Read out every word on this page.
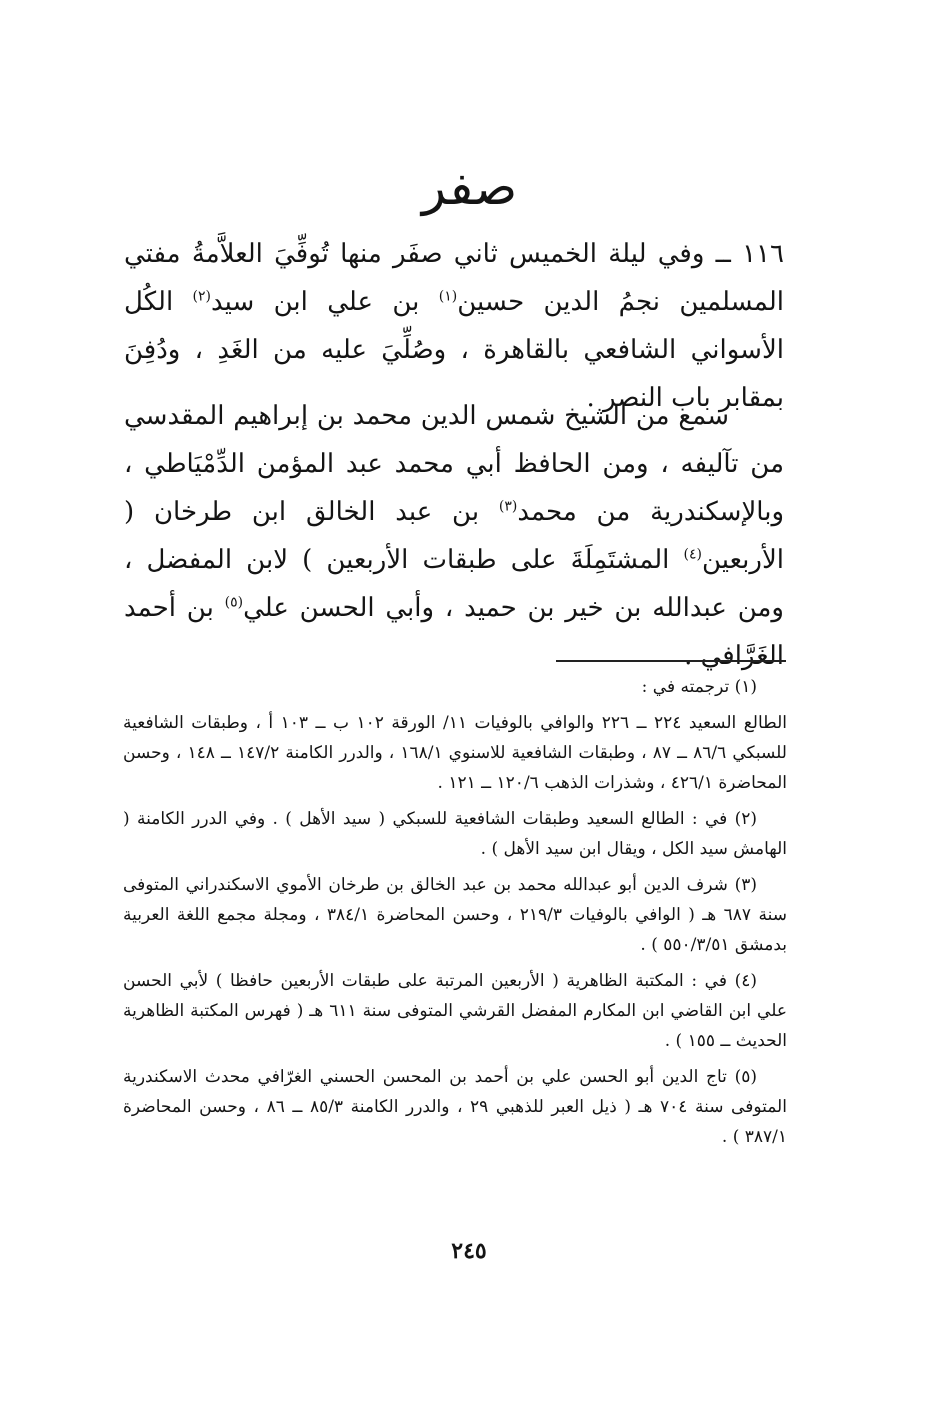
صفر

١١٦ ــ وفي ليلة الخميس ثاني صفَر منها تُوفِّيَ العلاَّمةُ مفتي المسلمين نجمُ الدين حسين$^{(١)}$ بن علي ابن سيد$^{(٢)}$ الكُل الأسواني الشافعي بالقاهرة ، وصُلِّيَ عليه من الغَدِ ، ودُفِنَ بمقابر باب النصر .

سمع من الشيخ شمس الدين محمد بن إبراهيم المقدسي من تآليفه ، ومن الحافظ أبي محمد عبد المؤمن الدِّمْيَاطي ، وبالإسكندرية من محمد$^{(٣)}$ بن عبد الخالق ابن طرخان ( الأربعين$^{(٤)}$ المشتَمِلَةَ على طبقات الأربعين ) لابن المفضل ، ومن عبدالله بن خير بن حميد ، وأبي الحسن علي$^{(٥)}$ بن أحمد الغَرَّافي .

(١) ترجمته في :

الطالع السعيد ٢٢٤ ــ ٢٢٦ والوافي بالوفيات ١١/ الورقة ١٠٢ ب ــ ١٠٣ أ ، وطبقات الشافعية للسبكي ٨٦/٦ ــ ٨٧ ، وطبقات الشافعية للاسنوي ١٦٨/١ ، والدرر الكامنة ١٤٧/٢ ــ ١٤٨ ، وحسن المحاضرة ٤٢٦/١ ، وشذرات الذهب ١٢٠/٦ ــ ١٢١ .

(٢) في : الطالع السعيد وطبقات الشافعية للسبكي ( سيد الأهل ) . وفي الدرر الكامنة ( الهامش سيد الكل ، ويقال ابن سيد الأهل ) .

(٣) شرف الدين أبو عبدالله محمد بن عبد الخالق بن طرخان الأموي الاسكندراني المتوفى سنة ٦٨٧ هـ ( الوافي بالوفيات ٢١٩/٣ ، وحسن المحاضرة ٣٨٤/١ ، ومجلة مجمع اللغة العربية بدمشق ٥٥٠/٣/٥١ ) .

(٤) في : المكتبة الظاهرية ( الأربعين المرتبة على طبقات الأربعين حافظا ) لأبي الحسن علي ابن القاضي ابن المكارم المفضل القرشي المتوفى سنة ٦١١ هـ ( فهرس المكتبة الظاهرية الحديث ــ ١٥٥ ) .

(٥) تاج الدين أبو الحسن علي بن أحمد بن المحسن الحسني الغرّافي محدث الاسكندرية المتوفى سنة ٧٠٤ هـ ( ذيل العبر للذهبي ٢٩ ، والدرر الكامنة ٨٥/٣ ــ ٨٦ ، وحسن المحاضرة ٣٨٧/١ ) .

٢٤٥
